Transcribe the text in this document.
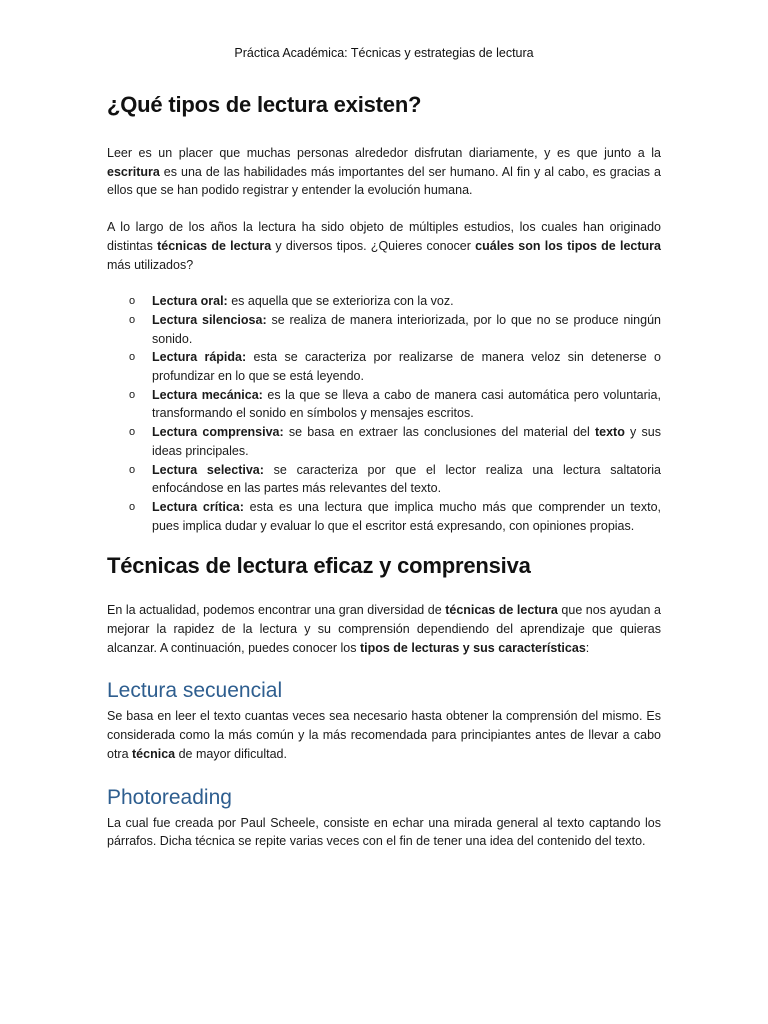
Práctica Académica: Técnicas y estrategias de lectura
¿Qué tipos de lectura existen?

Leer es un placer que muchas personas alrededor disfrutan diariamente, y es que junto a la escritura es una de las habilidades más importantes del ser humano. Al fin y al cabo, es gracias a ellos que se han podido registrar y entender la evolución humana.

A lo largo de los años la lectura ha sido objeto de múltiples estudios, los cuales han originado distintas técnicas de lectura y diversos tipos. ¿Quieres conocer cuáles son los tipos de lectura más utilizados?

o Lectura oral: es aquella que se exterioriza con la voz.
o Lectura silenciosa: se realiza de manera interiorizada, por lo que no se produce ningún sonido.
o Lectura rápida: esta se caracteriza por realizarse de manera veloz sin detenerse o profundizar en lo que se está leyendo.
o Lectura mecánica: es la que se lleva a cabo de manera casi automática pero voluntaria, transformando el sonido en símbolos y mensajes escritos.
o Lectura comprensiva: se basa en extraer las conclusiones del material del texto y sus ideas principales.
o Lectura selectiva: se caracteriza por que el lector realiza una lectura saltatoria enfocándose en las partes más relevantes del texto.
o Lectura crítica: esta es una lectura que implica mucho más que comprender un texto, pues implica dudar y evaluar lo que el escritor está expresando, con opiniones propias.
Técnicas de lectura eficaz y comprensiva

En la actualidad, podemos encontrar una gran diversidad de técnicas de lectura que nos ayudan a mejorar la rapidez de la lectura y su comprensión dependiendo del aprendizaje que quieras alcanzar. A continuación, puedes conocer los tipos de lecturas y sus características:

Lectura secuencial

Se basa en leer el texto cuantas veces sea necesario hasta obtener la comprensión del mismo. Es considerada como la más común y la más recomendada para principiantes antes de llevar a cabo otra técnica de mayor dificultad.

Photoreading

La cual fue creada por Paul Scheele, consiste en echar una mirada general al texto captando los párrafos. Dicha técnica se repite varias veces con el fin de tener una idea del contenido del texto.
